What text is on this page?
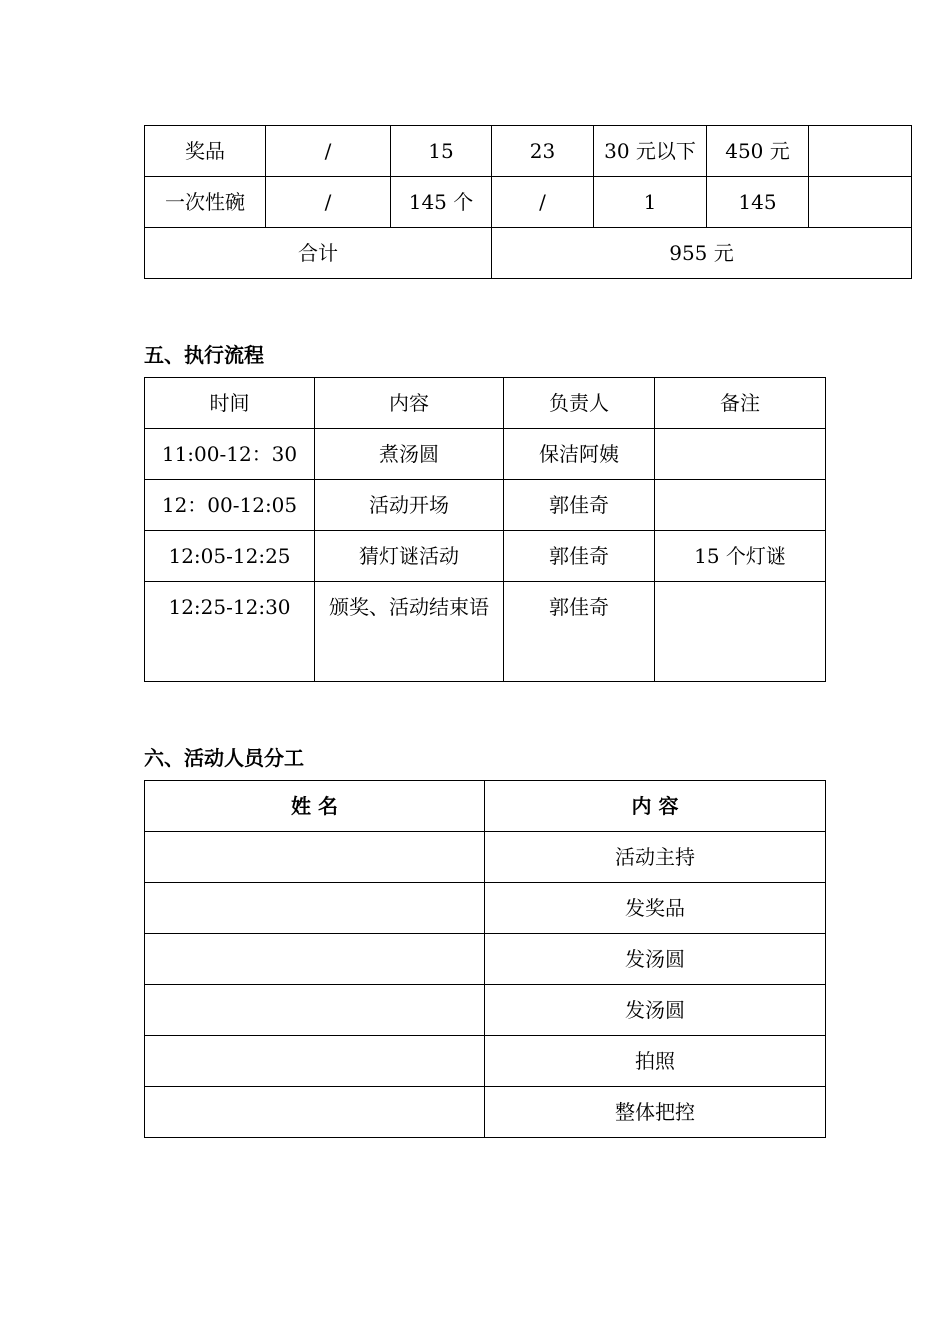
奖品	/	15	23	30 元以下	450 元	
一次性碗	/	145 个	/	1	145	
合计			955 元			
五、执行流程
时间	内容	负责人	备注
11:00-12：30	煮汤圆	保洁阿姨	
12：00-12:05	活动开场	郭佳奇	
12:05-12:25	猜灯谜活动	郭佳奇	15 个灯谜
12:25-12:30	颁奖、活动结束语	郭佳奇	
六、活动人员分工
姓 名	内 容
	活动主持
	发奖品
	发汤圆
	发汤圆
	拍照
	整体把控
